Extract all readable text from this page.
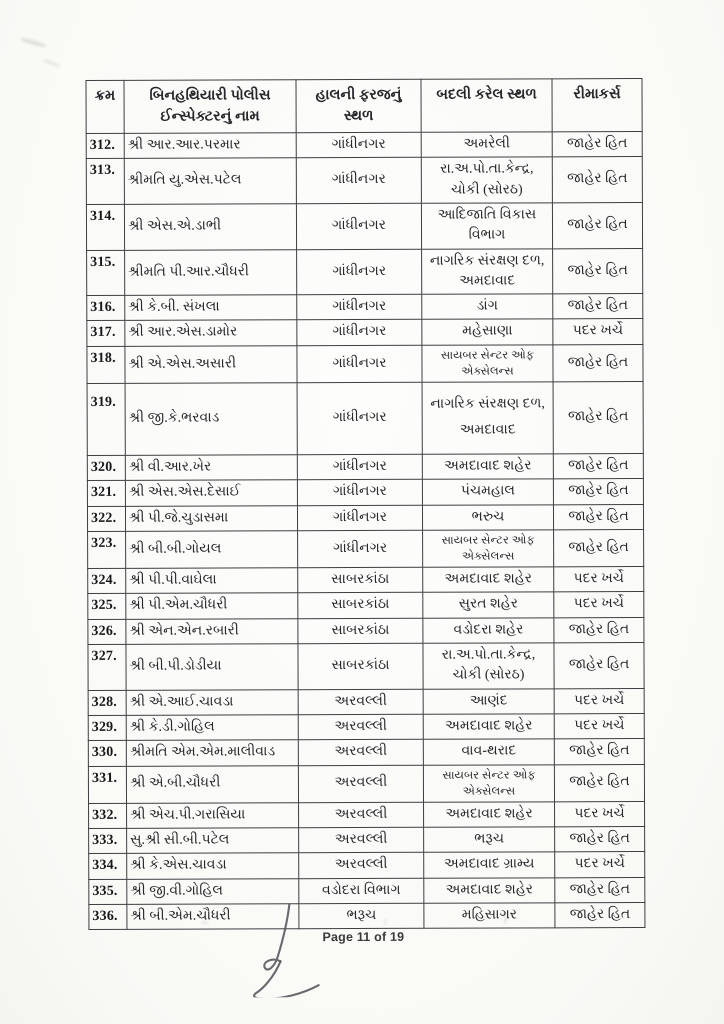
ક્રમ	બિનહથિયારી પોલીસ ઈન્સ્પેક્ટરનું નામ	હાલની ફરજનું સ્થળ	બદલી કરેલ સ્થળ	રીમાકર્સ
312.	શ્રી આર.આર.પરમાર	ગાંધીનગર	અમરેલી	જાહેર હિત
313.	શ્રીમતિ યુ.એસ.પટેલ	ગાંધીનગર	રા.અ.પો.તા.કેન્દ્ર, ચોકી (સોરઠ)	જાહેર હિત
314.	શ્રી એસ.એ.ડાભી	ગાંધીનગર	આદિજાતિ વિકાસ વિભાગ	જાહેર હિત
315.	શ્રીમતિ પી.આર.ચૌધરી	ગાંધીનગર	નાગરિક સંરક્ષણ દળ, અમદાવાદ	જાહેર હિત
316.	શ્રી કે.બી. સંખલા	ગાંધીનગર	ડાંગ	જાહેર હિત
317.	શ્રી આર.એસ.ડામોર	ગાંધીનગર	મહેસાણા	પદર ખર્ચે
318.	શ્રી એ.એસ.અસારી	ગાંધીનગર	સાયબર સેન્ટર ઓફ એક્સેલન્સ	જાહેર હિત
319.	શ્રી જી.કે.ભરવાડ	ગાંધીનગર	નાગરિક સંરક્ષણ દળ, અમદાવાદ	જાહેર હિત
320.	શ્રી વી.આર.ખેર	ગાંધીનગર	અમદાવાદ શહેર	જાહેર હિત
321.	શ્રી એસ.એસ.દેસાઈ	ગાંધીનગર	પંચમહાલ	જાહેર હિત
322.	શ્રી પી.જે.ચુડાસમા	ગાંધીનગર	ભરુચ	જાહેર હિત
323.	શ્રી બી.બી.ગોયલ	ગાંધીનગર	સાયબર સેન્ટર ઓફ એક્સેલન્સ	જાહેર હિત
324.	શ્રી પી.પી.વાઘેલા	સાબરકાંઠા	અમદાવાદ શહેર	પદર ખર્ચે
325.	શ્રી પી.એમ.ચૌધરી	સાબરકાંઠા	સુરત શહેર	પદર ખર્ચે
326.	શ્રી એન.એન.રબારી	સાબરકાંઠા	વડોદરા શહેર	જાહેર હિત
327.	શ્રી બી.પી.ડોડીયા	સાબરકાંઠા	રા.અ.પો.તા.કેન્દ્ર, ચોકી (સોરઠ)	જાહેર હિત
328.	શ્રી એ.આઈ.ચાવડા	અરવલ્લી	આણંદ	પદર ખર્ચે
329.	શ્રી કે.ડી.ગોહિલ	અરવલ્લી	અમદાવાદ શહેર	પદર ખર્ચે
330.	શ્રીમતિ એમ.એમ.માલીવાડ	અરવલ્લી	વાવ-થરાદ	જાહેર હિત
331.	શ્રી એ.બી.ચૌધરી	અરવલ્લી	સાયબર સેન્ટર ઓફ એક્સેલન્સ	જાહેર હિત
332.	શ્રી એચ.પી.ગરાસિયા	અરવલ્લી	અમદાવાદ શહેર	પદર ખર્ચે
333.	સુ.શ્રી સી.બી.પટેલ	અરવલ્લી	ભરૂચ	જાહેર હિત
334.	શ્રી કે.એસ.ચાવડા	અરવલ્લી	અમદાવાદ ગ્રામ્ય	પદર ખર્ચે
335.	શ્રી જી.વી.ગોહિલ	વડોદરા વિભાગ	અમદાવાદ શહેર	જાહેર હિત
336.	શ્રી બી.એમ.ચૌધરી	ભરૂચ	મહિસાગર	જાહેર હિત
Page 11 of 19
